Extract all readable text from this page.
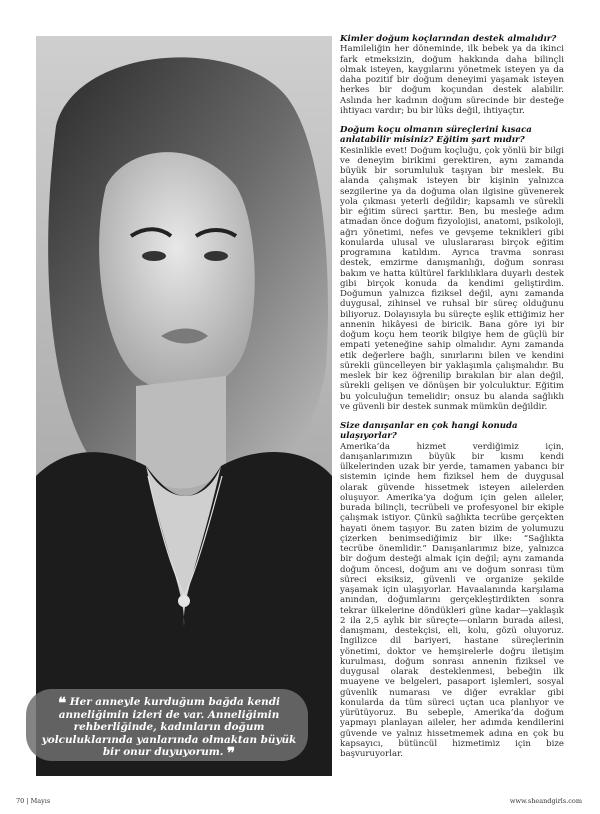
❝ Her anneyle kurduğum bağda kendi anneliğimin izleri de var. Anneliğimin rehberliğinde, kadınların doğum yolculuklarında yanlarında olmaktan büyük bir onur duyuyorum. ❞
Kimler doğum koçlarından destek almalıdır?

Hamileliğin her döneminde, ilk bebek ya da ikinci fark etmeksizin, doğum hakkında daha bilinçli olmak isteyen, kaygılarını yönetmek isteyen ya da daha pozitif bir doğum deneyimi yaşamak isteyen herkes bir doğum koçundan destek alabilir. Aslında her kadının doğum sürecinde bir desteğe ihtiyacı vardır; bu bir lüks değil, ihtiyaçtır.

Doğum koçu olmanın süreçlerini kısaca anlatabilir misiniz? Eğitim şart mıdır?

Kesinlikle evet! Doğum koçluğu, çok yönlü bir bilgi ve deneyim birikimi gerektiren, aynı zamanda büyük bir sorumluluk taşıyan bir meslek. Bu alanda çalışmak isteyen bir kişinin yalnızca sezgilerine ya da doğuma olan ilgisine güvenerek yola çıkması yeterli değildir; kapsamlı ve sürekli bir eğitim süreci şarttır. Ben, bu mesleğe adım atmadan önce doğum fizyolojisi, anatomi, psikoloji, ağrı yönetimi, nefes ve gevşeme teknikleri gibi konularda ulusal ve uluslararası birçok eğitim programına katıldım. Ayrıca travma sonrası destek, emzirme danışmanlığı, doğum sonrası bakım ve hatta kültürel farklılıklara duyarlı destek gibi birçok konuda da kendimi geliştirdim. Doğumun yalnızca fiziksel değil, aynı zamanda duygusal, zihinsel ve ruhsal bir süreç olduğunu biliyoruz. Dolayısıyla bu süreçte eşlik ettiğimiz her annenin hikâyesi de biricik. Bana göre iyi bir doğum koçu hem teorik bilgiye hem de güçlü bir empati yeteneğine sahip olmalıdır. Aynı zamanda etik değerlere bağlı, sınırlarını bilen ve kendini sürekli güncelleyen bir yaklaşımla çalışmalıdır. Bu meslek bir kez öğrenilip bırakılan bir alan değil, sürekli gelişen ve dönüşen bir yolculuktur. Eğitim bu yolculuğun temelidir; onsuz bu alanda sağlıklı ve güvenli bir destek sunmak mümkün değildir.

Size danışanlar en çok hangi konuda ulaşıyorlar?

Amerika’da hizmet verdiğimiz için, danışanlarımızın büyük bir kısmı kendi ülkelerinden uzak bir yerde, tamamen yabancı bir sistemin içinde hem fiziksel hem de duygusal olarak güvende hissetmek isteyen ailelerden oluşuyor. Amerika’ya doğum için gelen aileler, burada bilinçli, tecrübeli ve profesyonel bir ekiple çalışmak istiyor. Çünkü sağlıkta tecrübe gerçekten hayati önem taşıyor. Bu zaten bizim de yolumuzu çizerken benimsediğimiz bir ilke: “Sağlıkta tecrübe önemlidir.” Danışanlarımız bize, yalnızca bir doğum desteği almak için değil; aynı zamanda doğum öncesi, doğum anı ve doğum sonrası tüm süreci eksiksiz, güvenli ve organize şekilde yaşamak için ulaşıyorlar. Havaalanında karşılama anından, doğumlarını gerçekleştirdikten sonra tekrar ülkelerine döndükleri güne kadar—yaklaşık 2 ila 2,5 aylık bir süreçte—onların burada ailesi, danışmanı, destekçisi, eli, kolu, gözü oluyoruz. İngilizce dil bariyeri, hastane süreçlerinin yönetimi, doktor ve hemşirelerle doğru iletişim kurulması, doğum sonrası annenin fiziksel ve duygusal olarak desteklenmesi, bebeğin ilk muayene ve belgeleri, pasaport işlemleri, sosyal güvenlik numarası ve diğer evraklar gibi konularda da tüm süreci uçtan uca planlıyor ve yürütüyoruz. Bu sebeple, Amerika’da doğum yapmayı planlayan aileler, her adımda kendilerini güvende ve yalnız hissetmemek adına en çok bu kapsayıcı, bütüncül hizmetimiz için bize başvuruyorlar.

70 | Mayıs	www.sheandgirls.com
